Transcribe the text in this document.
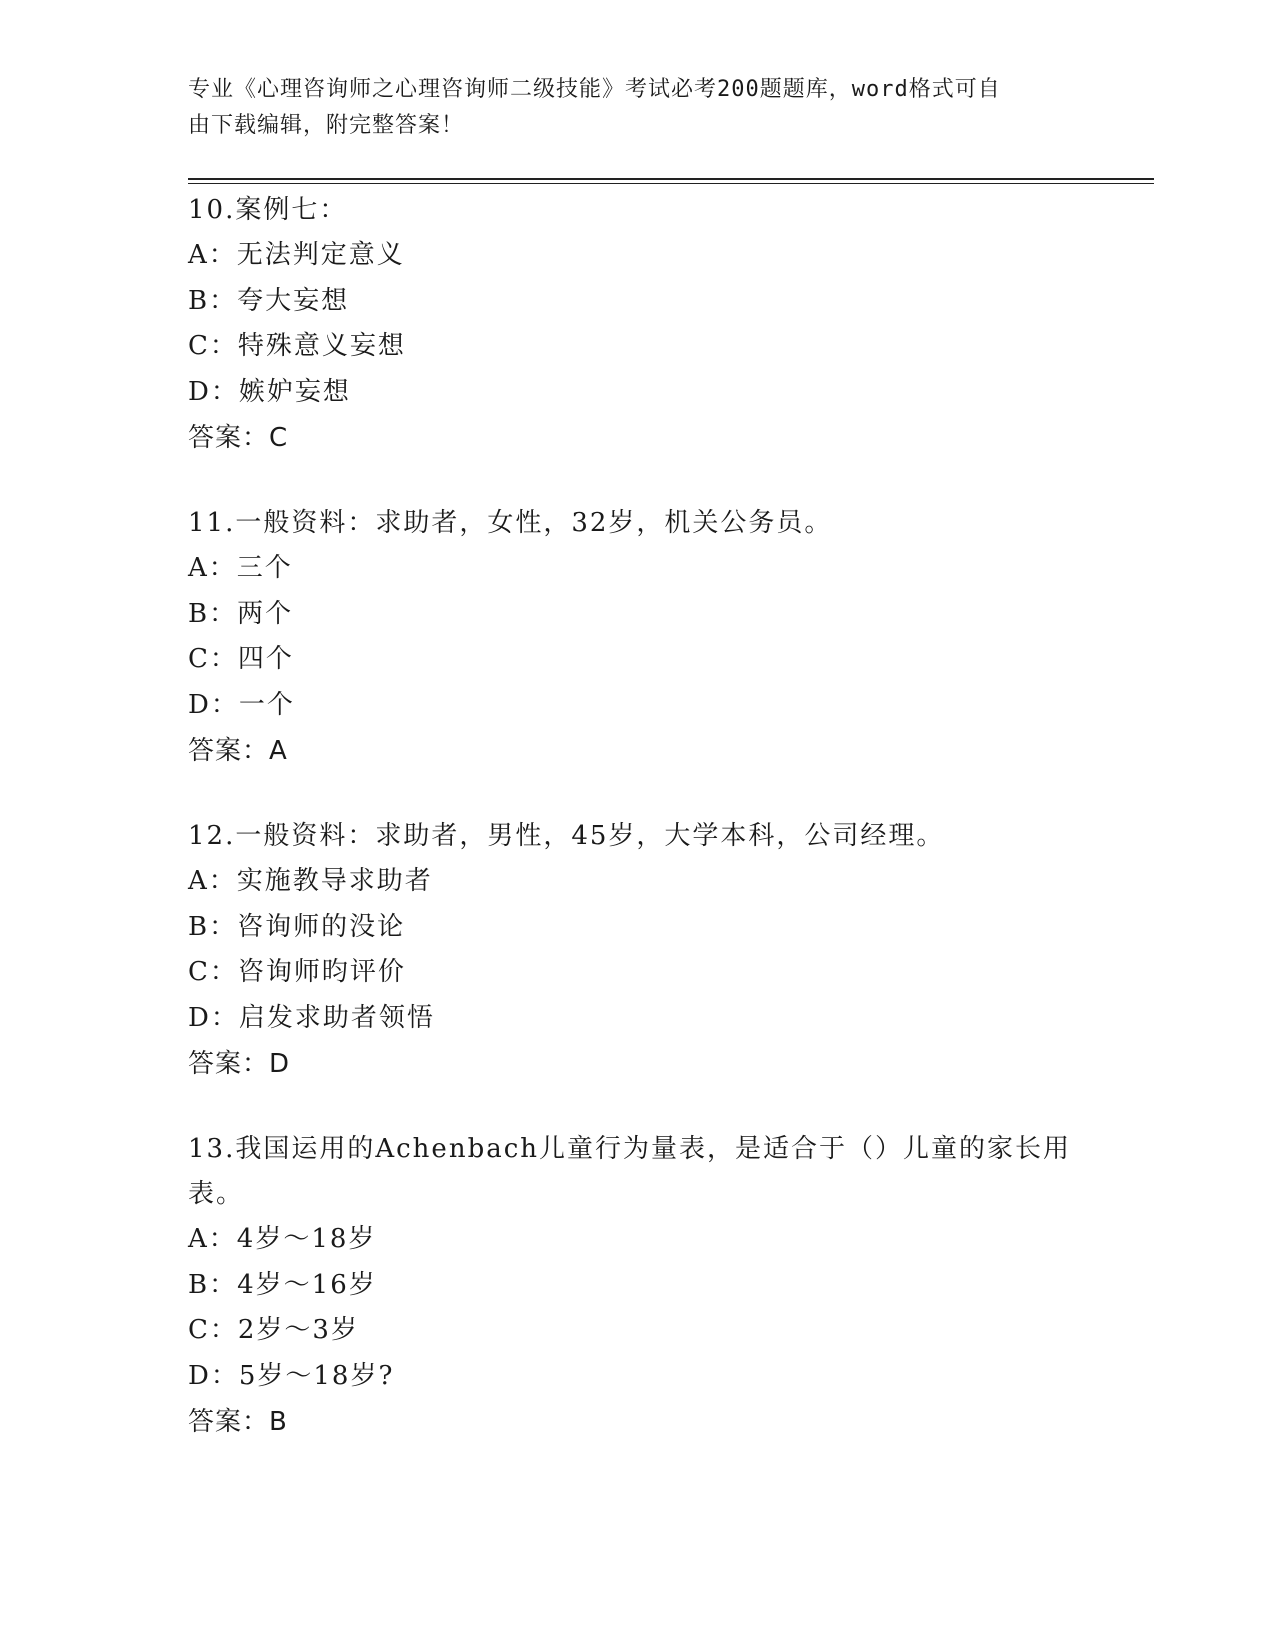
专业《心理咨询师之心理咨询师二级技能》考试必考200题题库，word格式可自
由下载编辑，附完整答案！

10.案例七：

A：无法判定意义

B：夸大妄想

C：特殊意义妄想

D：嫉妒妄想

答案：C

11.一般资料：求助者，女性，32岁，机关公务员。

A：三个

B：两个

C：四个

D：一个

答案：A

12.一般资料：求助者，男性，45岁，大学本科，公司经理。

A：实施教导求助者

B：咨询师的没论

C：咨询师昀评价

D：启发求助者领悟

答案：D

13.我国运用的Achenbach儿童行为量表，是适合于（）儿童的家长用

表。

A：4岁～18岁

B：4岁～16岁

C：2岁～3岁

D：5岁～18岁?

答案：B
